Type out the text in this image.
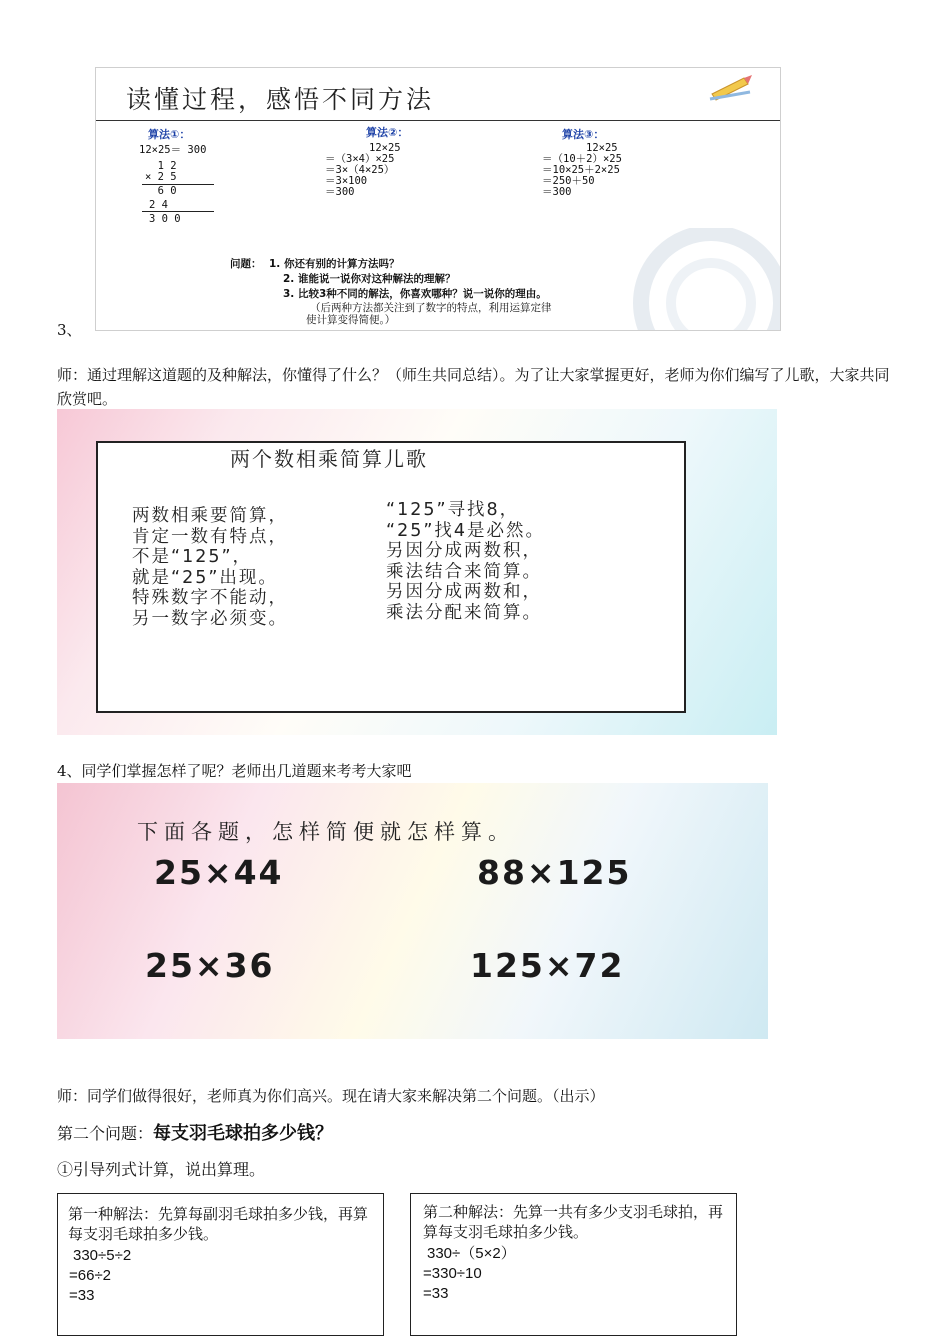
读懂过程，感悟不同方法
算法①：
12×25＝ 300
1 2
× 2 5
6 0
2 4
3 0 0
算法②：
12×25
＝（3×4）×25
＝3×（4×25）
＝3×100
＝300
算法③：
12×25
＝（10＋2）×25
＝10×25＋2×25
＝250＋50
＝300
问题： 1. 你还有别的计算方法吗？
2. 谁能说一说你对这种解法的理解？
3. 比较3种不同的解法，你喜欢哪种？说一说你的理由。
（后两种方法都关注到了数字的特点，利用运算定律
使计算变得简便。）
3、
师：通过理解这道题的及种解法，你懂得了什么？（师生共同总结）。为了让大家掌握更好，老师为你们编写了儿歌，大家共同欣赏吧。
两个数相乘简算儿歌
两数相乘要简算，
肯定一数有特点，
不是“125”，
就是“25”出现。
特殊数字不能动，
另一数字必须变。
“125”寻找8，
“25”找4是必然。
另因分成两数积，
乘法结合来简算。
另因分成两数和，
乘法分配来简算。
4、同学们掌握怎样了呢？老师出几道题来考考大家吧
下面各题，怎样简便就怎样算。
25×44	88×125
25×36	125×72
师：同学们做得很好，老师真为你们高兴。现在请大家来解决第二个问题。（出示）
第二个问题：每支羽毛球拍多少钱？
①引导列式计算，说出算理。
第一种解法：先算每副羽毛球拍多少钱，再算每支羽毛球拍多少钱。
330÷5÷2
=66÷2
=33
第二种解法：先算一共有多少支羽毛球拍，再算每支羽毛球拍多少钱。
330÷（5×2）
=330÷10
=33
